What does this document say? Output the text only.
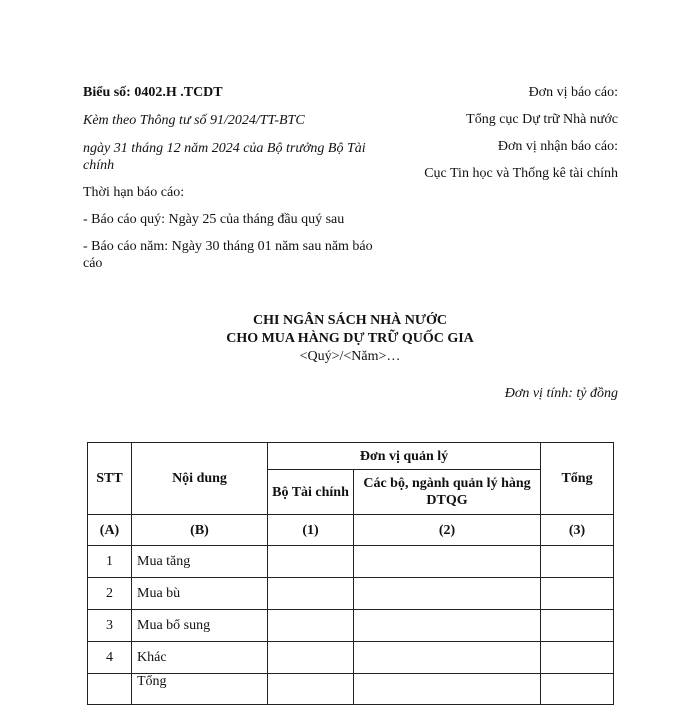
Biểu số: 0402.H .TCDT

Kèm theo Thông tư số 91/2024/TT-BTC

ngày 31 tháng 12 năm 2024 của Bộ trưởng Bộ Tài chính

Thời hạn báo cáo:

- Báo cáo quý: Ngày 25 của tháng đầu quý sau

- Báo cáo năm: Ngày 30 tháng 01 năm sau năm báo cáo

Đơn vị báo cáo:

Tổng cục Dự trữ Nhà nước

Đơn vị nhận báo cáo:

Cục Tin học và Thống kê tài chính

CHI NGÂN SÁCH NHÀ NƯỚC

CHO MUA HÀNG DỰ TRỮ QUỐC GIA

<Quý>/<Năm>…

Đơn vị tính: tỷ đồng
STT	Nội dung	Đơn vị quản lý		Tổng
		Bộ Tài chính	Các bộ, ngành quản lý hàng DTQG	
(A)	(B)	(1)	(2)	(3)
1	Mua tăng			
2	Mua bù			
3	Mua bổ sung			
4	Khác			
	Tổng			
